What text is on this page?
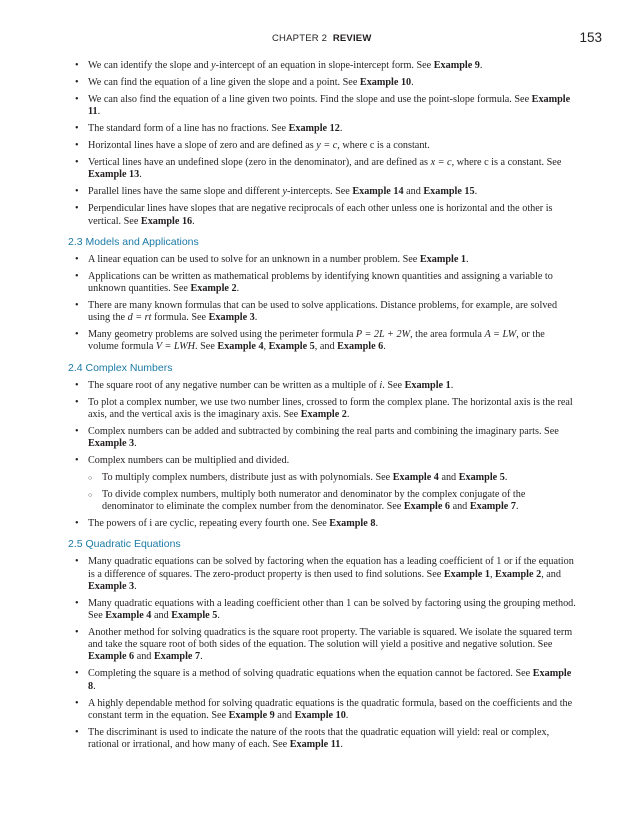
CHAPTER 2 REVIEW	153
• We can identify the slope and y-intercept of an equation in slope-intercept form. See Example 9.
• We can find the equation of a line given the slope and a point. See Example 10.
• We can also find the equation of a line given two points. Find the slope and use the point-slope formula. See Example 11.
• The standard form of a line has no fractions. See Example 12.
• Horizontal lines have a slope of zero and are defined as y = c, where c is a constant.
• Vertical lines have an undefined slope (zero in the denominator), and are defined as x = c, where c is a constant. See Example 13.
• Parallel lines have the same slope and different y-intercepts. See Example 14 and Example 15.
• Perpendicular lines have slopes that are negative reciprocals of each other unless one is horizontal and the other is vertical. See Example 16.
2.3 Models and Applications
• A linear equation can be used to solve for an unknown in a number problem. See Example 1.
• Applications can be written as mathematical problems by identifying known quantities and assigning a variable to unknown quantities. See Example 2.
• There are many known formulas that can be used to solve applications. Distance problems, for example, are solved using the d = rt formula. See Example 3.
• Many geometry problems are solved using the perimeter formula P = 2L + 2W, the area formula A = LW, or the volume formula V = LWH. See Example 4, Example 5, and Example 6.
2.4 Complex Numbers
• The square root of any negative number can be written as a multiple of i. See Example 1.
• To plot a complex number, we use two number lines, crossed to form the complex plane. The horizontal axis is the real axis, and the vertical axis is the imaginary axis. See Example 2.
• Complex numbers can be added and subtracted by combining the real parts and combining the imaginary parts. See Example 3.
• Complex numbers can be multiplied and divided.
○ To multiply complex numbers, distribute just as with polynomials. See Example 4 and Example 5.
○ To divide complex numbers, multiply both numerator and denominator by the complex conjugate of the denominator to eliminate the complex number from the denominator. See Example 6 and Example 7.
• The powers of i are cyclic, repeating every fourth one. See Example 8.
2.5 Quadratic Equations
• Many quadratic equations can be solved by factoring when the equation has a leading coefficient of 1 or if the equation is a difference of squares. The zero-product property is then used to find solutions. See Example 1, Example 2, and Example 3.
• Many quadratic equations with a leading coefficient other than 1 can be solved by factoring using the grouping method. See Example 4 and Example 5.
• Another method for solving quadratics is the square root property. The variable is squared. We isolate the squared term and take the square root of both sides of the equation. The solution will yield a positive and negative solution. See Example 6 and Example 7.
• Completing the square is a method of solving quadratic equations when the equation cannot be factored. See Example 8.
• A highly dependable method for solving quadratic equations is the quadratic formula, based on the coefficients and the constant term in the equation. See Example 9 and Example 10.
• The discriminant is used to indicate the nature of the roots that the quadratic equation will yield: real or complex, rational or irrational, and how many of each. See Example 11.
